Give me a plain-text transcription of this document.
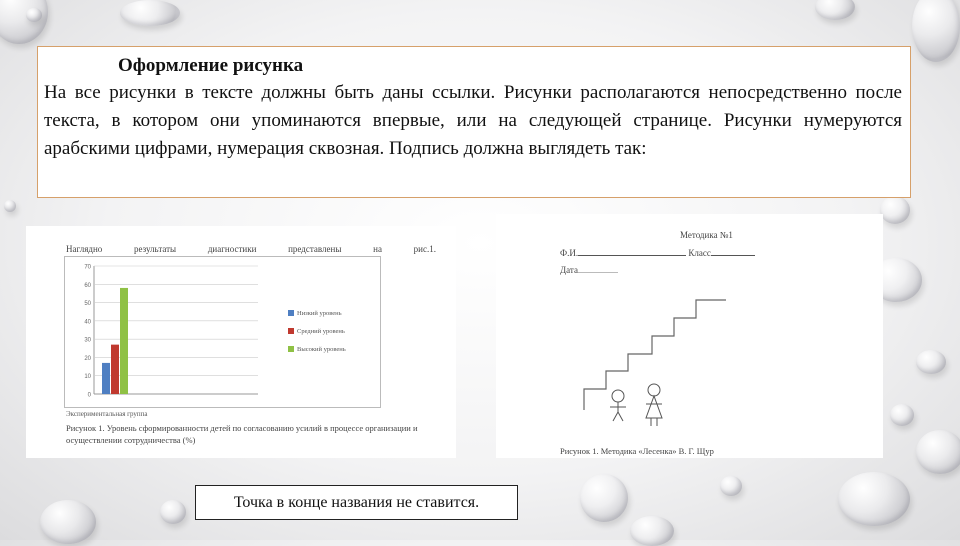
Оформление рисунка

На все рисунки в тексте должны быть даны ссылки. Рисунки располагаются непосредственно после текста, в котором они упоминаются впервые, или на следующей странице. Рисунки нумеруются арабскими цифрами, нумерация сквозная. Подпись должна выглядеть так:

Наглядно	результаты	диагностики	представлены	на	рис.1.
0
10
20
30
40
50
60
70
Низкий уровень
Средний уровень
Высокий уровень
Экспериментальная группа
Рисунок 1. Уровень сформированности детей по согласованию усилий в процессе организации и осуществлении сотрудничества (%)
Методика №1
Ф.И.	Класс
Дата
Рисунок 1. Методика «Лесенка» В. Г. Щур
Точка в конце названия не ставится.
